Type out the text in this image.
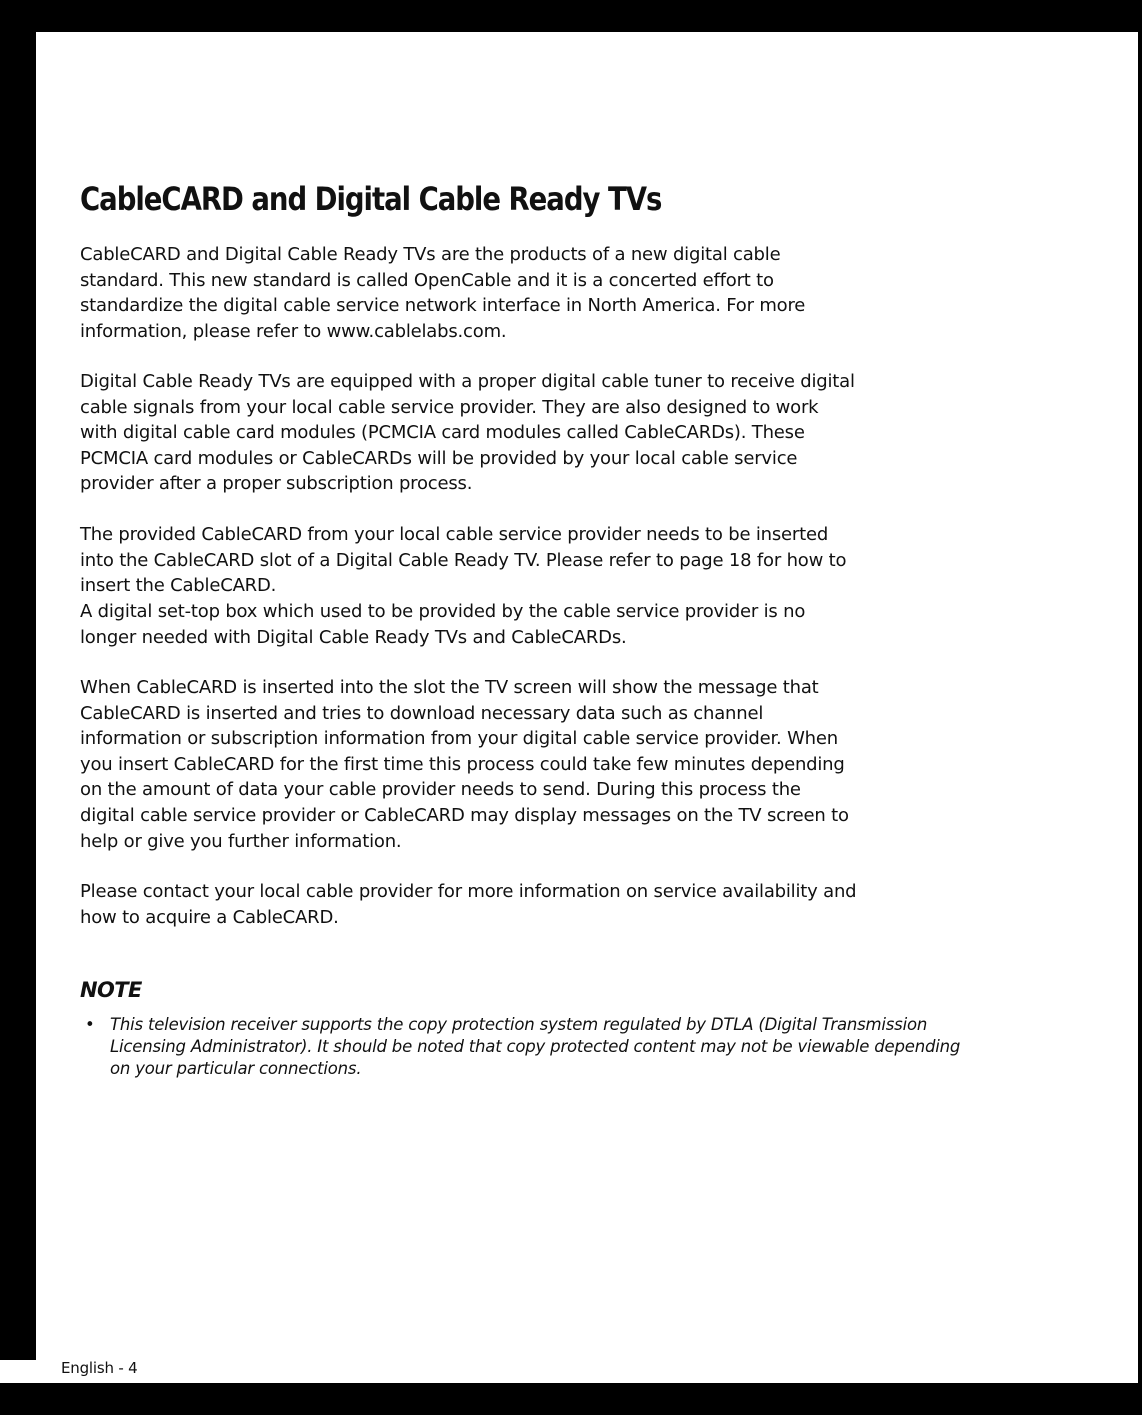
CableCARD and Digital Cable Ready TVs

CableCARD and Digital Cable Ready TVs are the products of a new digital cable standard. This new standard is called OpenCable and it is a concerted effort to standardize the digital cable service network interface in North America. For more information, please refer to www.cablelabs.com.

Digital Cable Ready TVs are equipped with a proper digital cable tuner to receive digital cable signals from your local cable service provider. They are also designed to work with digital cable card modules (PCMCIA card modules called CableCARDs). These PCMCIA card modules or CableCARDs will be provided by your local cable service provider after a proper subscription process.

The provided CableCARD from your local cable service provider needs to be inserted into the CableCARD slot of a Digital Cable Ready TV. Please refer to page 18 for how to insert the CableCARD.

A digital set-top box which used to be provided by the cable service provider is no longer needed with Digital Cable Ready TVs and CableCARDs.

When CableCARD is inserted into the slot the TV screen will show the message that CableCARD is inserted and tries to download necessary data such as channel information or subscription information from your digital cable service provider. When you insert CableCARD for the first time this process could take few minutes depending on the amount of data your cable provider needs to send. During this process the digital cable service provider or CableCARD may display messages on the TV screen to help or give you further information.

Please contact your local cable provider for more information on service availability and how to acquire a CableCARD.

NOTE
• This television receiver supports the copy protection system regulated by DTLA (Digital Transmission Licensing Administrator). It should be noted that copy protected content may not be viewable depending on your particular connections.
English - 4
